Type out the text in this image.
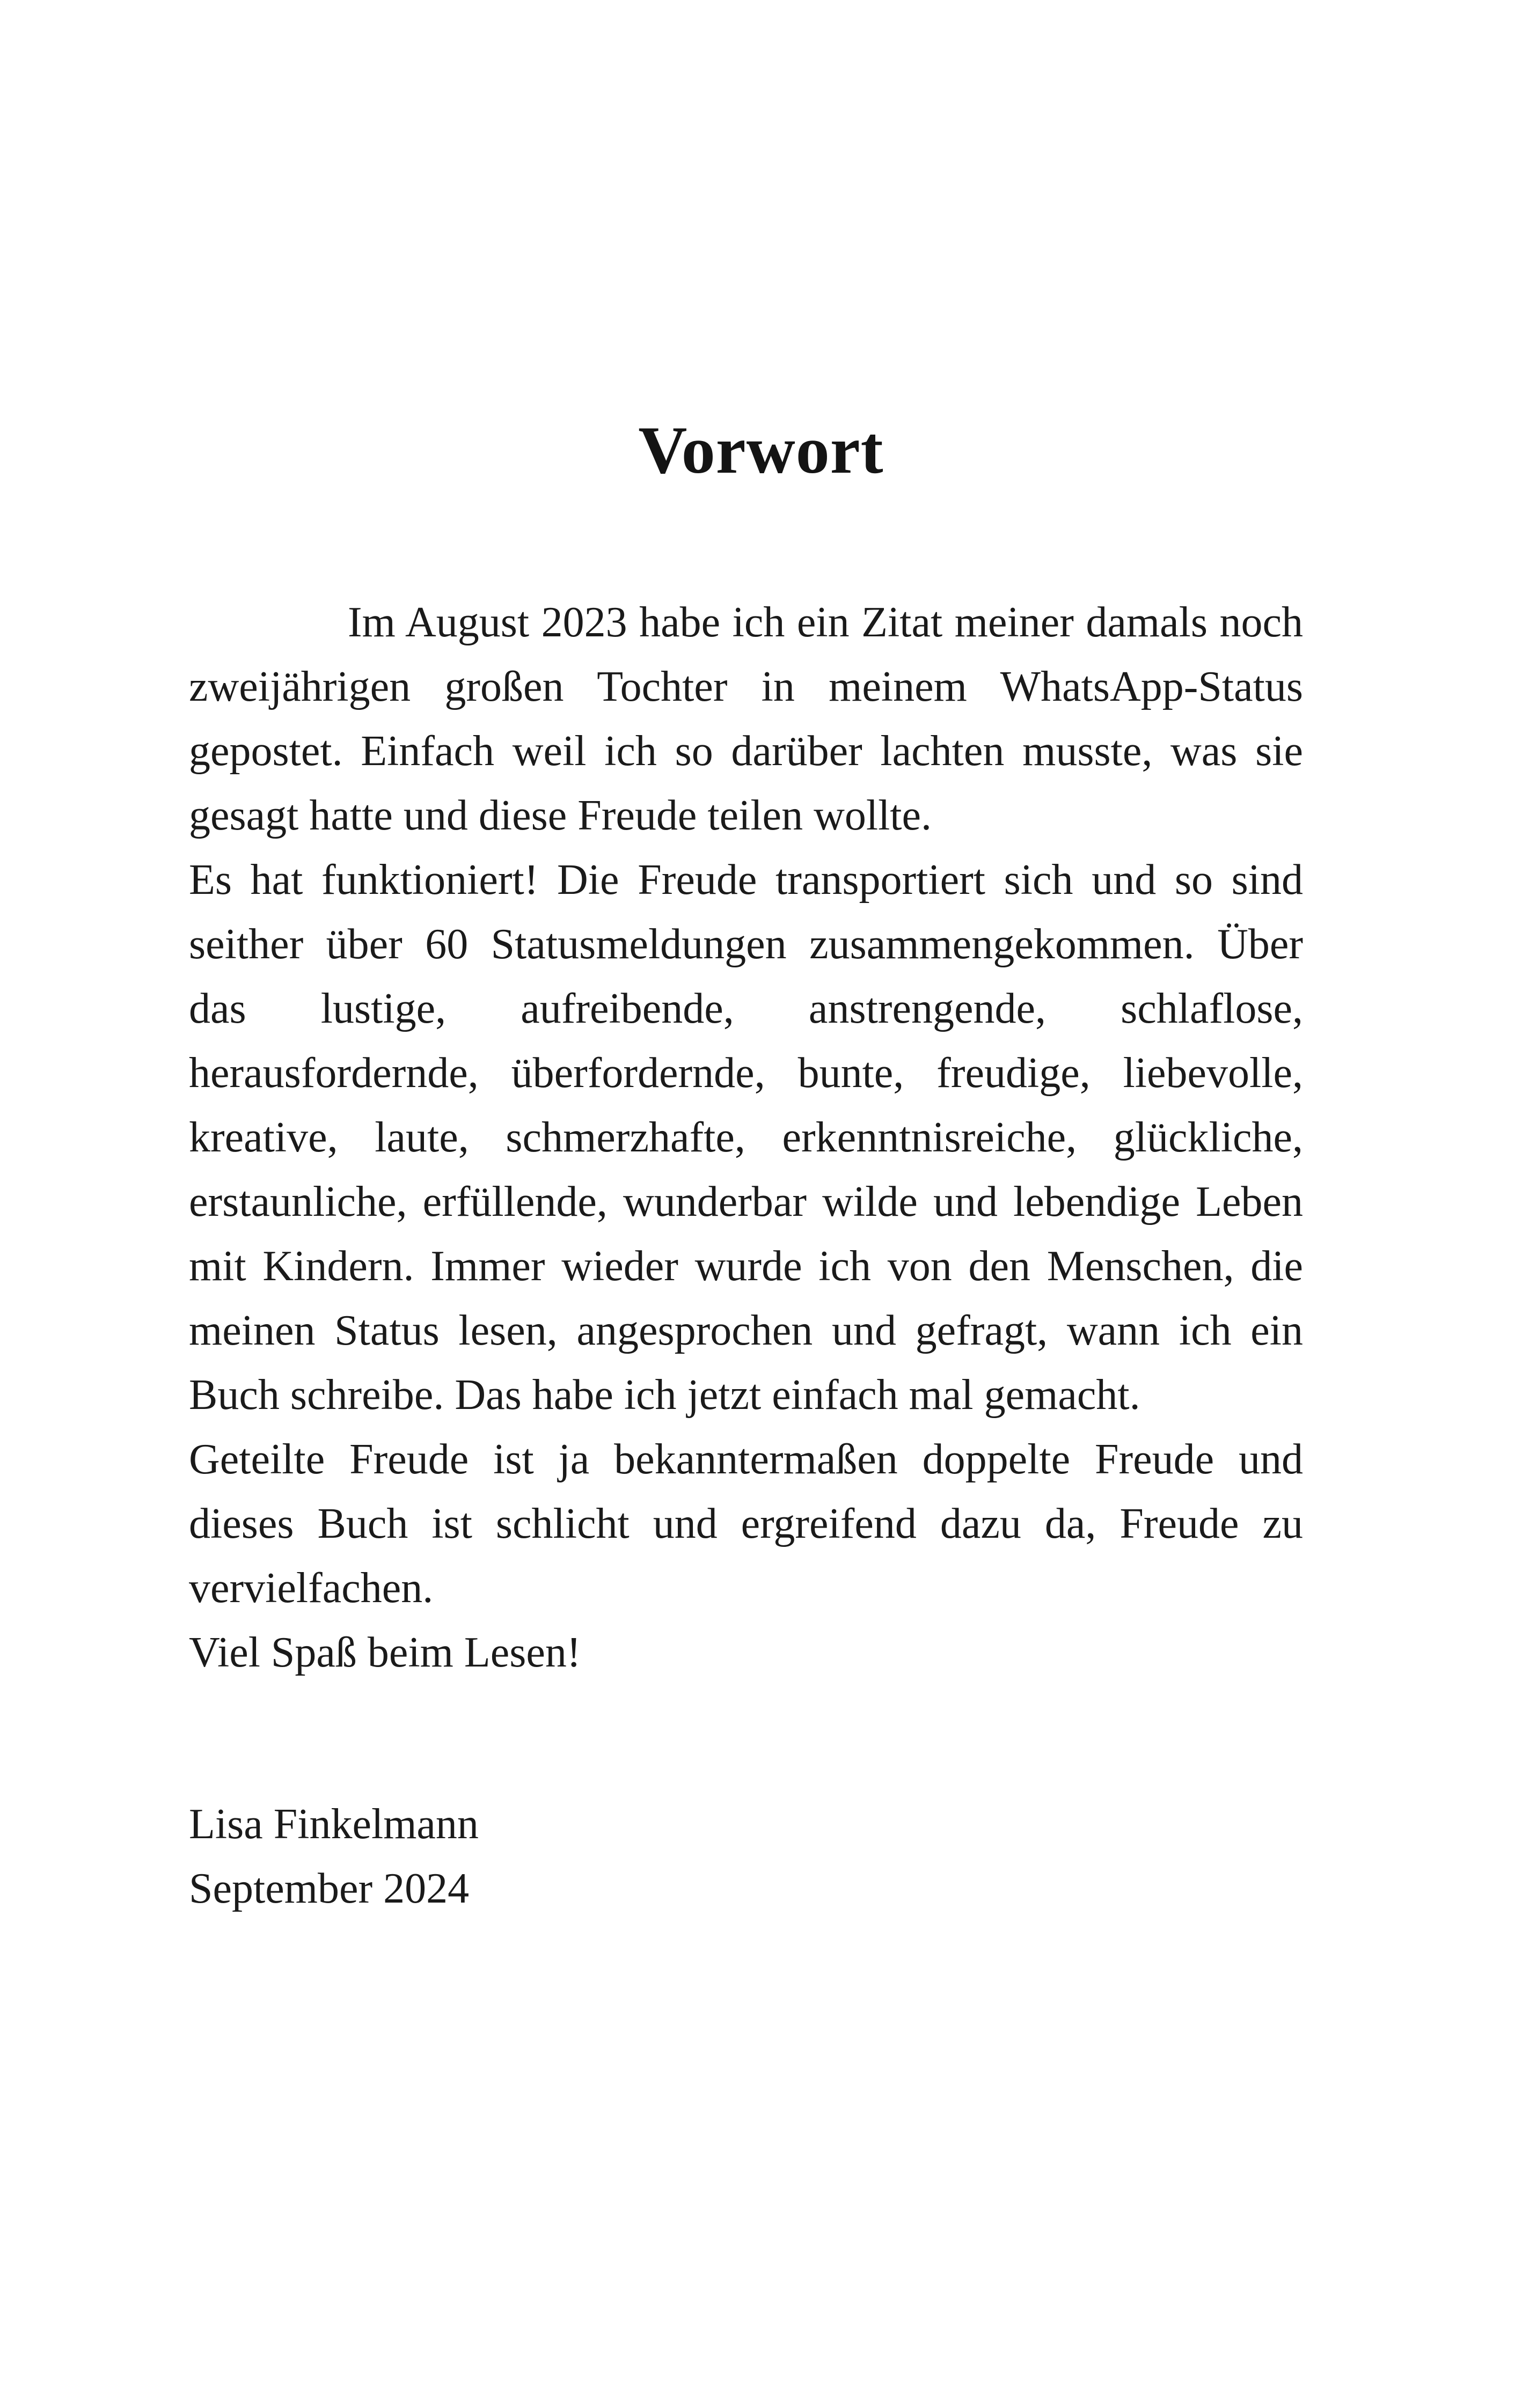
Vorwort

Im August 2023 habe ich ein Zitat meiner damals noch zweijährigen großen Tochter in meinem WhatsApp-Status gepostet. Einfach weil ich so darüber lachten musste, was sie gesagt hatte und diese Freude teilen wollte.

Es hat funktioniert! Die Freude transportiert sich und so sind seither über 60 Statusmeldungen zusammengekommen. Über das lustige, aufreibende, anstrengende, schlaflose, herausfordernde, überfordernde, bunte, freudige, liebevolle, kreative, laute, schmerzhafte, erkenntnisreiche, glückliche, erstaunliche, erfüllende, wunderbar wilde und lebendige Leben mit Kindern. Immer wieder wurde ich von den Menschen, die meinen Status lesen, angesprochen und gefragt, wann ich ein Buch schreibe. Das habe ich jetzt einfach mal gemacht.

Geteilte Freude ist ja bekanntermaßen doppelte Freude und dieses Buch ist schlicht und ergreifend dazu da, Freude zu vervielfachen.

Viel Spaß beim Lesen!

Lisa Finkelmann
September 2024
